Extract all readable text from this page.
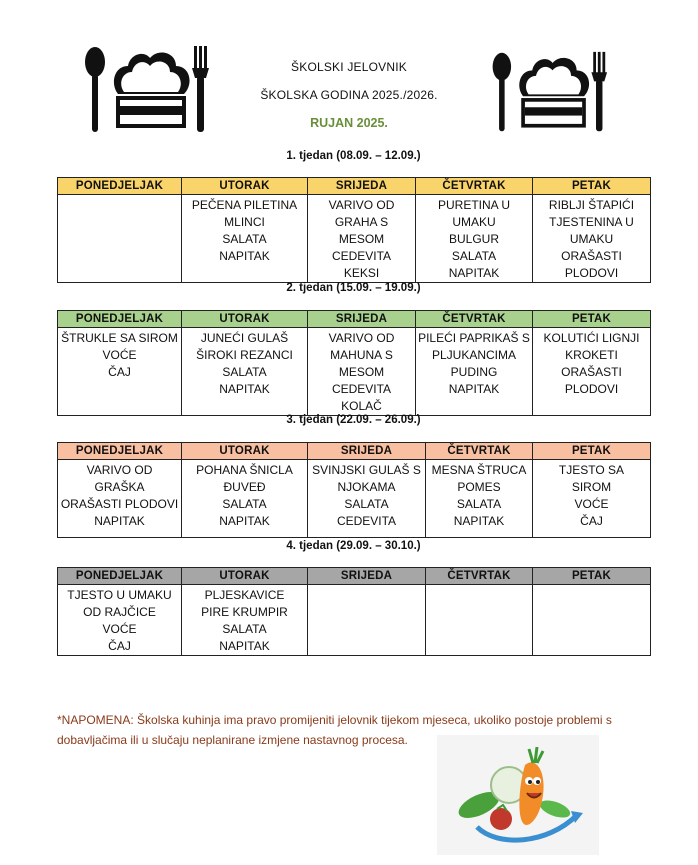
ŠKOLSKI JELOVNIK
ŠKOLSKA GODINA 2025./2026.
RUJAN 2025.
1. tjedan (08.09. – 12.09.)
PONEDJELJAK	UTORAK	SRIJEDA	ČETVRTAK	PETAK

	PEČENA PILETINA
MLINCI
SALATA
NAPITAK	VARIVO OD
GRAHA S
MESOM
CEDEVITA
KEKSI	PURETINA U
UMAKU
BULGUR
SALATA
NAPITAK	RIBLJI ŠTAPIĆI
TJESTENINA U
UMAKU
ORAŠASTI
PLODOVI
2. tjedan (15.09. – 19.09.)
PONEDJELJAK	UTORAK	SRIJEDA	ČETVRTAK	PETAK

ŠTRUKLE SA SIROM
VOĆE
ČAJ	JUNEĆI GULAŠ
ŠIROKI REZANCI
SALATA
NAPITAK	VARIVO OD
MAHUNA S
MESOM
CEDEVITA
KOLAČ	PILEĆI PAPRIKAŠ S
PLJUKANCIMA
PUDING
NAPITAK	KOLUTIĆI LIGNJI
KROKETI
ORAŠASTI
PLODOVI
3. tjedan (22.09. – 26.09.)
PONEDJELJAK	UTORAK	SRIJEDA	ČETVRTAK	PETAK

VARIVO OD
GRAŠKA
ORAŠASTI PLODOVI
NAPITAK	POHANA ŠNICLA
ĐUVEĐ
SALATA
NAPITAK	SVINJSKI GULAŠ S
NJOKAMA
SALATA
CEDEVITA	MESNA ŠTRUCA
POMES
SALATA
NAPITAK	TJESTO SA
SIROM
VOĆE
ČAJ
4. tjedan (29.09. – 30.10.)
PONEDJELJAK	UTORAK	SRIJEDA	ČETVRTAK	PETAK

TJESTO U UMAKU
OD RAJČICE
VOĆE
ČAJ	PLJESKAVICE
PIRE KRUMPIR
SALATA
NAPITAK			

*NAPOMENA: Školska kuhinja ima pravo promijeniti jelovnik tijekom mjeseca, ukoliko postoje problemi s dobavljačima ili u slučaju neplanirane izmjene nastavnog procesa.
